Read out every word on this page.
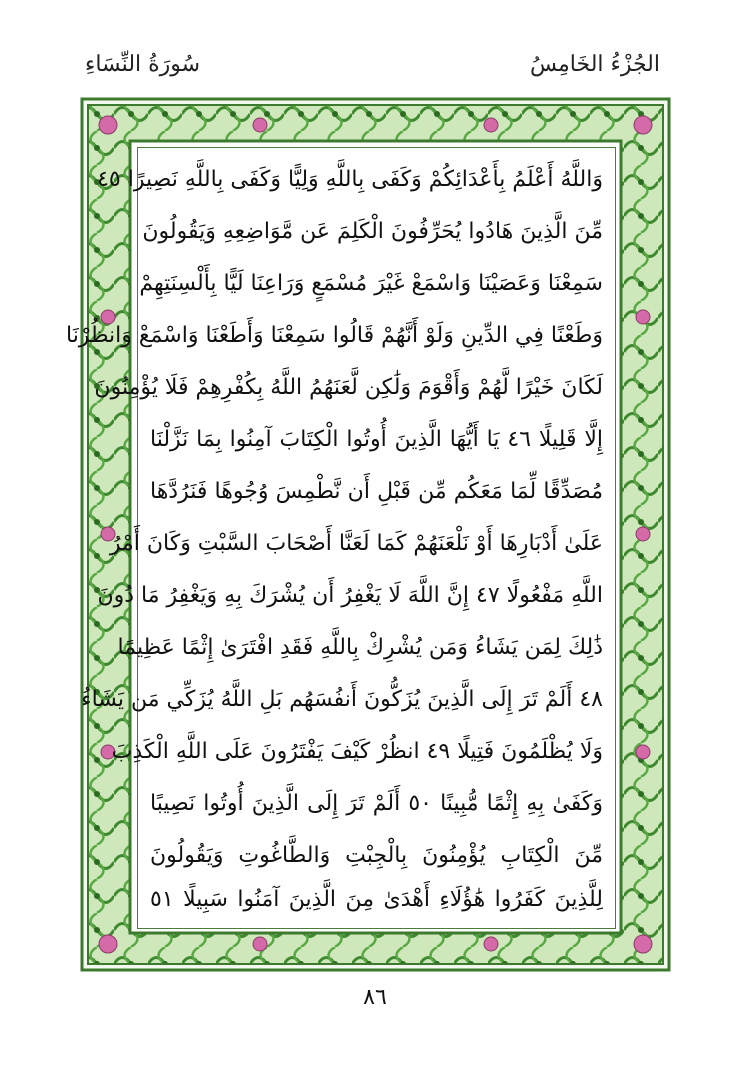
الجُزْءُ الخَامِسُ
سُورَةُ النِّسَاءِ
وَاللَّهُ أَعْلَمُ بِأَعْدَائِكُمْ وَكَفَى بِاللَّهِ وَلِيًّا وَكَفَى بِاللَّهِ نَصِيرًا ٤٥
مِّنَ الَّذِينَ هَادُوا يُحَرِّفُونَ الْكَلِمَ عَن مَّوَاضِعِهِ وَيَقُولُونَ
سَمِعْنَا وَعَصَيْنَا وَاسْمَعْ غَيْرَ مُسْمَعٍ وَرَاعِنَا لَيًّا بِأَلْسِنَتِهِمْ
وَطَعْنًا فِي الدِّينِ وَلَوْ أَنَّهُمْ قَالُوا سَمِعْنَا وَأَطَعْنَا وَاسْمَعْ وَانظُرْنَا
لَكَانَ خَيْرًا لَّهُمْ وَأَقْوَمَ وَلَٰكِن لَّعَنَهُمُ اللَّهُ بِكُفْرِهِمْ فَلَا يُؤْمِنُونَ
إِلَّا قَلِيلًا ٤٦ يَا أَيُّهَا الَّذِينَ أُوتُوا الْكِتَابَ آمِنُوا بِمَا نَزَّلْنَا
مُصَدِّقًا لِّمَا مَعَكُم مِّن قَبْلِ أَن نَّطْمِسَ وُجُوهًا فَنَرُدَّهَا
عَلَىٰ أَدْبَارِهَا أَوْ نَلْعَنَهُمْ كَمَا لَعَنَّا أَصْحَابَ السَّبْتِ وَكَانَ أَمْرُ
اللَّهِ مَفْعُولًا ٤٧ إِنَّ اللَّهَ لَا يَغْفِرُ أَن يُشْرَكَ بِهِ وَيَغْفِرُ مَا دُونَ
ذَٰلِكَ لِمَن يَشَاءُ وَمَن يُشْرِكْ بِاللَّهِ فَقَدِ افْتَرَىٰ إِثْمًا عَظِيمًا
٤٨ أَلَمْ تَرَ إِلَى الَّذِينَ يُزَكُّونَ أَنفُسَهُم بَلِ اللَّهُ يُزَكِّي مَن يَشَاءُ
وَلَا يُظْلَمُونَ فَتِيلًا ٤٩ انظُرْ كَيْفَ يَفْتَرُونَ عَلَى اللَّهِ الْكَذِبَ
وَكَفَىٰ بِهِ إِثْمًا مُّبِينًا ٥٠ أَلَمْ تَرَ إِلَى الَّذِينَ أُوتُوا نَصِيبًا
مِّنَ الْكِتَابِ يُؤْمِنُونَ بِالْجِبْتِ وَالطَّاغُوتِ وَيَقُولُونَ
لِلَّذِينَ كَفَرُوا هَٰؤُلَاءِ أَهْدَىٰ مِنَ الَّذِينَ آمَنُوا سَبِيلًا ٥١
٨٦
